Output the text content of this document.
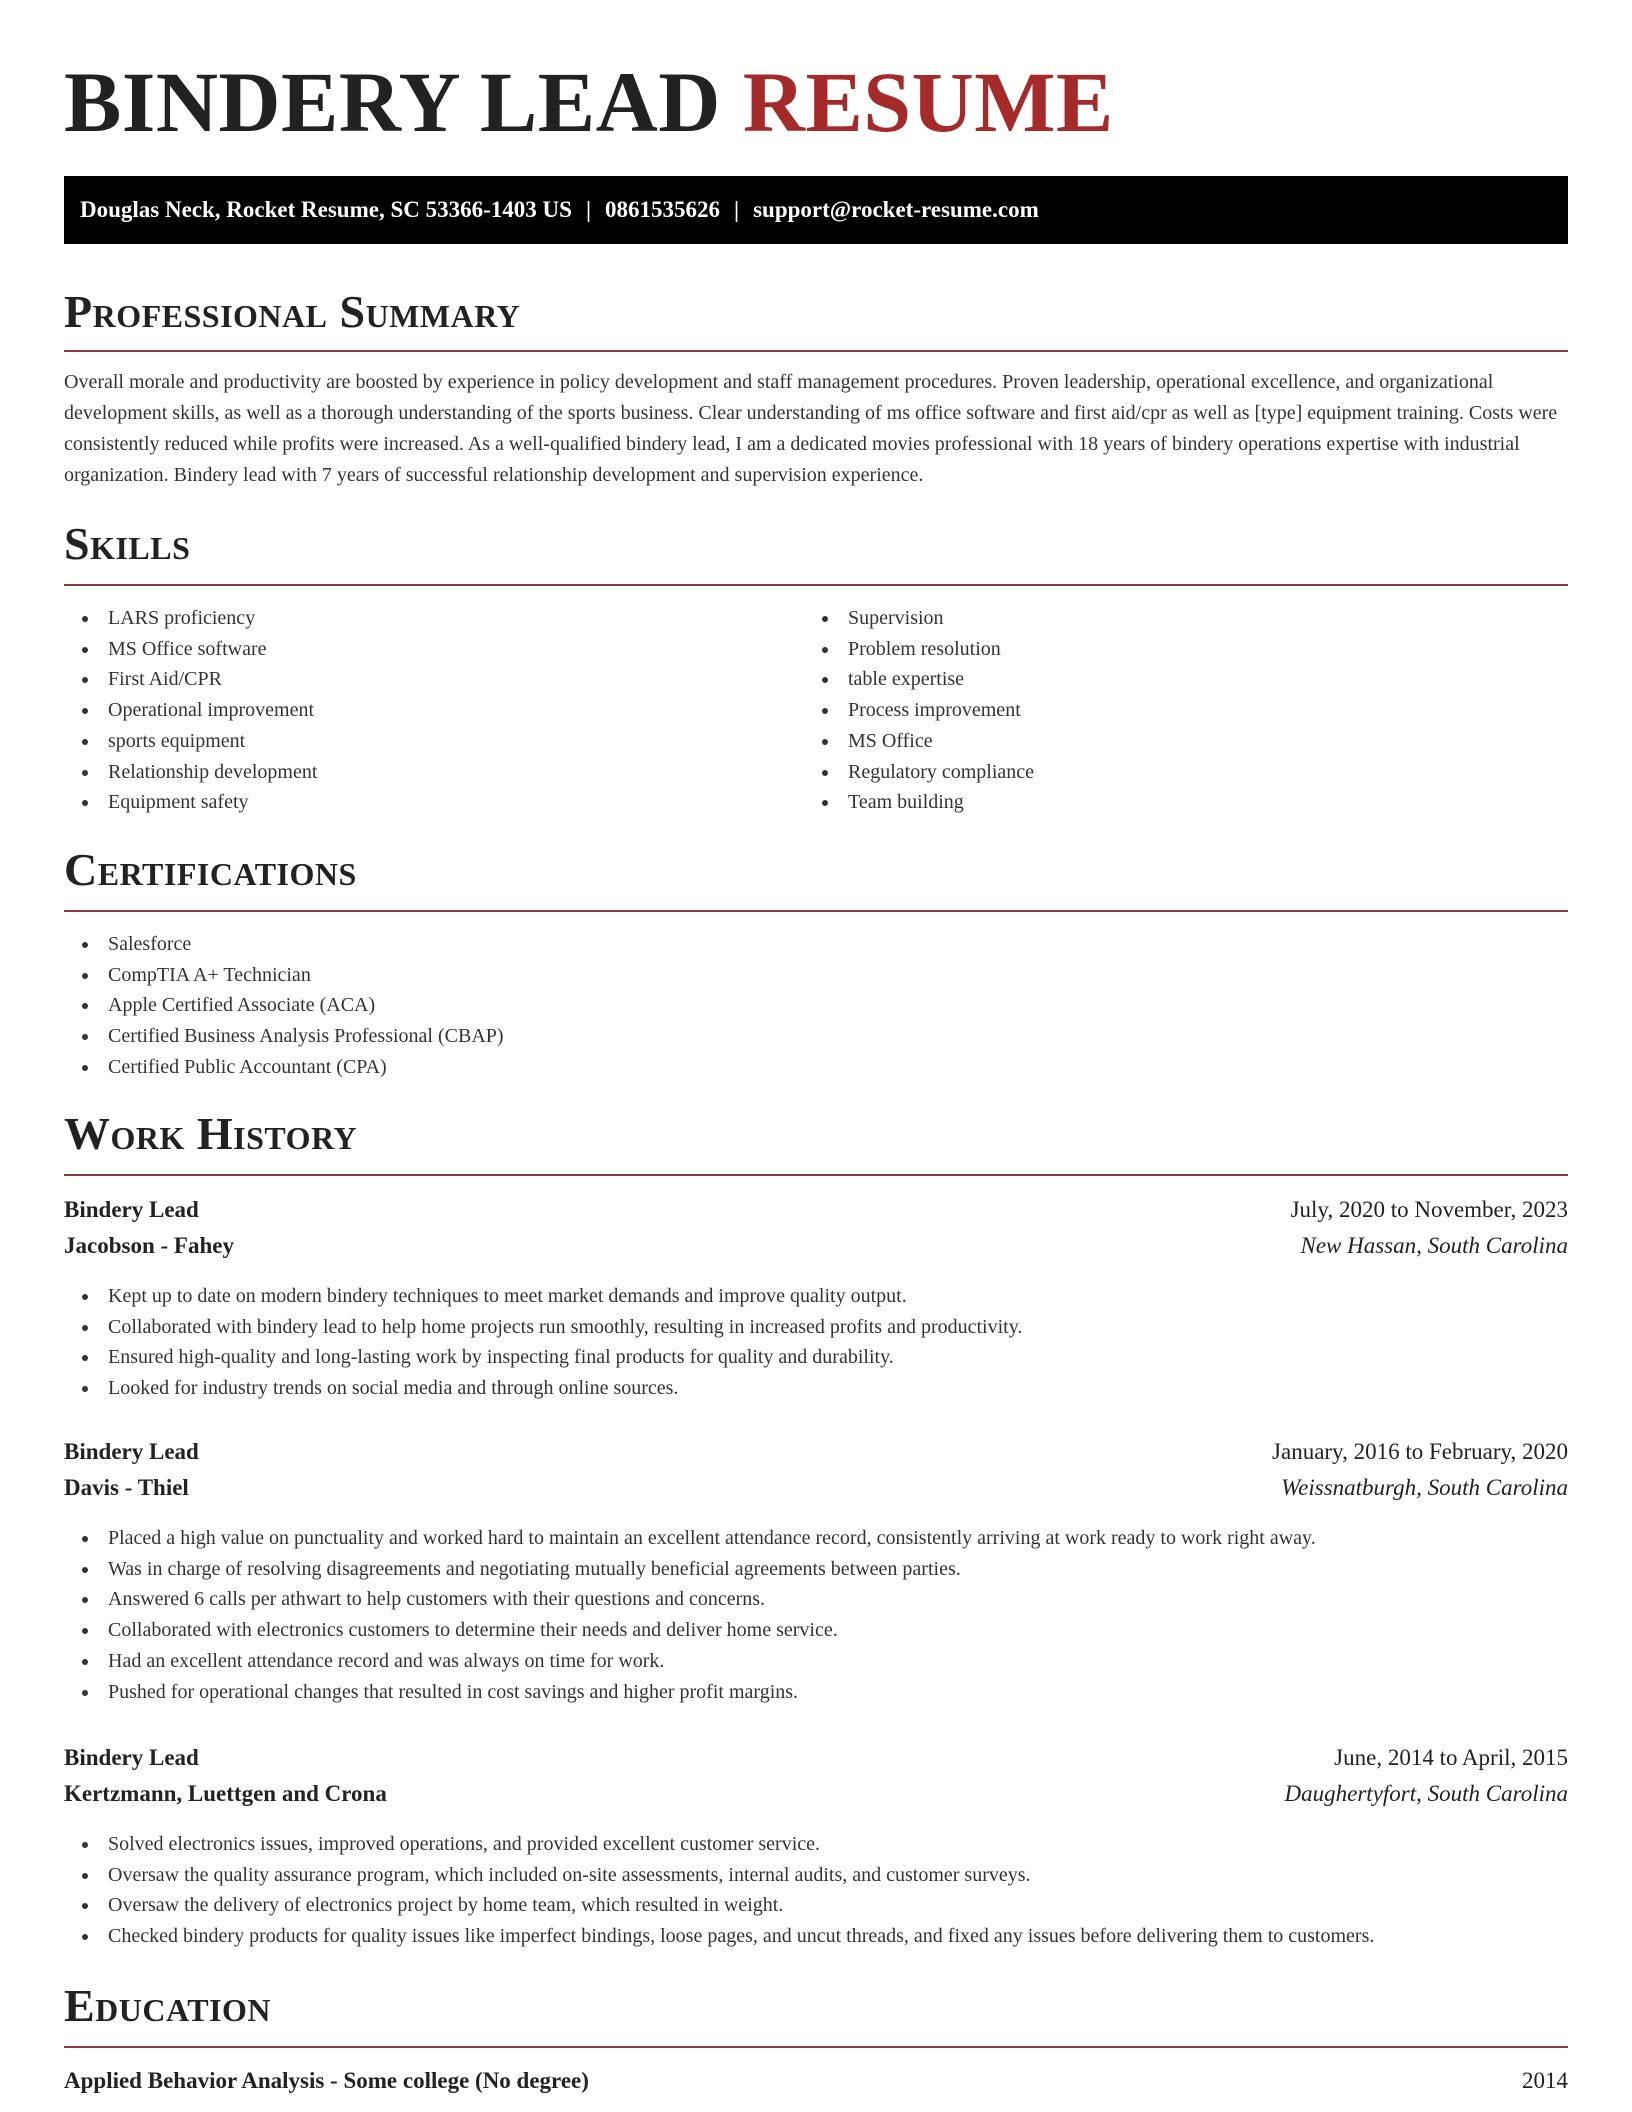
BINDERY LEAD RESUME
Douglas Neck, Rocket Resume, SC 53366-1403 US | 0861535626 | support@rocket-resume.com
Professional Summary

Overall morale and productivity are boosted by experience in policy development and staff management procedures. Proven leadership, operational excellence, and organizational development skills, as well as a thorough understanding of the sports business. Clear understanding of ms office software and first aid/cpr as well as [type] equipment training. Costs were consistently reduced while profits were increased. As a well-qualified bindery lead, I am a dedicated movies professional with 18 years of bindery operations expertise with industrial organization. Bindery lead with 7 years of successful relationship development and supervision experience.

Skills
LARS proficiency
MS Office software
First Aid/CPR
Operational improvement
sports equipment
Relationship development
Equipment safety
Supervision
Problem resolution
table expertise
Process improvement
MS Office
Regulatory compliance
Team building
Certifications
Salesforce
CompTIA A+ Technician
Apple Certified Associate (ACA)
Certified Business Analysis Professional (CBAP)
Certified Public Accountant (CPA)
Work History
Bindery Lead	July, 2020 to November, 2023
Jacobson - Fahey	New Hassan, South Carolina
Kept up to date on modern bindery techniques to meet market demands and improve quality output.
Collaborated with bindery lead to help home projects run smoothly, resulting in increased profits and productivity.
Ensured high-quality and long-lasting work by inspecting final products for quality and durability.
Looked for industry trends on social media and through online sources.
Bindery Lead	January, 2016 to February, 2020
Davis - Thiel	Weissnatburgh, South Carolina
Placed a high value on punctuality and worked hard to maintain an excellent attendance record, consistently arriving at work ready to work right away.
Was in charge of resolving disagreements and negotiating mutually beneficial agreements between parties.
Answered 6 calls per athwart to help customers with their questions and concerns.
Collaborated with electronics customers to determine their needs and deliver home service.
Had an excellent attendance record and was always on time for work.
Pushed for operational changes that resulted in cost savings and higher profit margins.
Bindery Lead	June, 2014 to April, 2015
Kertzmann, Luettgen and Crona	Daughertyfort, South Carolina
Solved electronics issues, improved operations, and provided excellent customer service.
Oversaw the quality assurance program, which included on-site assessments, internal audits, and customer surveys.
Oversaw the delivery of electronics project by home team, which resulted in weight.
Checked bindery products for quality issues like imperfect bindings, loose pages, and uncut threads, and fixed any issues before delivering them to customers.
Education
Applied Behavior Analysis - Some college (No degree)	2014
